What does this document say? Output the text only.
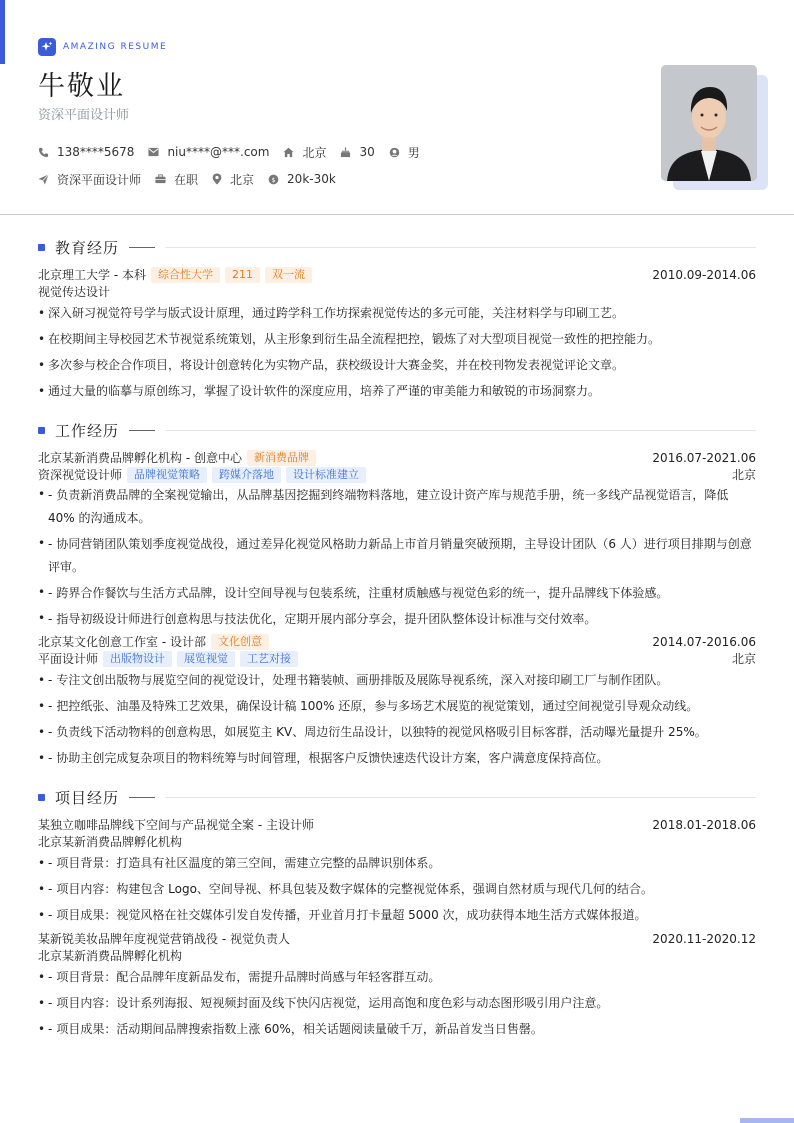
AMAZING RESUME
牛敬业
资深平面设计师
138****5678	niu****@***.com	北京	30	男
资深平面设计师	在职	北京 $ 20k-30k
教育经历
北京理工大学 - 本科	综合性大学	211	双一流	2010.09-2014.06
视觉传达设计
• 深入研习视觉符号学与版式设计原理，通过跨学科工作坊探索视觉传达的多元可能，关注材料学与印刷工艺。
• 在校期间主导校园艺术节视觉系统策划，从主形象到衍生品全流程把控，锻炼了对大型项目视觉一致性的把控能力。
• 多次参与校企合作项目，将设计创意转化为实物产品，获校级设计大赛金奖，并在校刊物发表视觉评论文章。
• 通过大量的临摹与原创练习，掌握了设计软件的深度应用，培养了严谨的审美能力和敏锐的市场洞察力。
工作经历
北京某新消费品牌孵化机构 - 创意中心	新消费品牌	2016.07-2021.06
资深视觉设计师	品牌视觉策略	跨媒介落地	设计标准建立	北京
• - 负责新消费品牌的全案视觉输出，从品牌基因挖掘到终端物料落地，建立设计资产库与规范手册，统一多线产品视觉语言，降低 40% 的沟通成本。
• - 协同营销团队策划季度视觉战役，通过差异化视觉风格助力新品上市首月销量突破预期，主导设计团队（6 人）进行项目排期与创意评审。
• - 跨界合作餐饮与生活方式品牌，设计空间导视与包装系统，注重材质触感与视觉色彩的统一，提升品牌线下体验感。
• - 指导初级设计师进行创意构思与技法优化，定期开展内部分享会，提升团队整体设计标准与交付效率。
北京某文化创意工作室 - 设计部	文化创意	2014.07-2016.06
平面设计师	出版物设计	展览视觉	工艺对接	北京
• - 专注文创出版物与展览空间的视觉设计，处理书籍装帧、画册排版及展陈导视系统，深入对接印刷工厂与制作团队。
• - 把控纸张、油墨及特殊工艺效果，确保设计稿 100% 还原，参与多场艺术展览的视觉策划，通过空间视觉引导观众动线。
• - 负责线下活动物料的创意构思，如展览主 KV、周边衍生品设计，以独特的视觉风格吸引目标客群，活动曝光量提升 25%。
• - 协助主创完成复杂项目的物料统筹与时间管理，根据客户反馈快速迭代设计方案，客户满意度保持高位。
项目经历
某独立咖啡品牌线下空间与产品视觉全案 - 主设计师	2018.01-2018.06
北京某新消费品牌孵化机构
• - 项目背景：打造具有社区温度的第三空间，需建立完整的品牌识别体系。
• - 项目内容：构建包含 Logo、空间导视、杯具包装及数字媒体的完整视觉体系，强调自然材质与现代几何的结合。
• - 项目成果：视觉风格在社交媒体引发自发传播，开业首月打卡量超 5000 次，成功获得本地生活方式媒体报道。
某新锐美妆品牌年度视觉营销战役 - 视觉负责人	2020.11-2020.12
北京某新消费品牌孵化机构
• - 项目背景：配合品牌年度新品发布，需提升品牌时尚感与年轻客群互动。
• - 项目内容：设计系列海报、短视频封面及线下快闪店视觉，运用高饱和度色彩与动态图形吸引用户注意。
• - 项目成果：活动期间品牌搜索指数上涨 60%，相关话题阅读量破千万，新品首发当日售罄。
